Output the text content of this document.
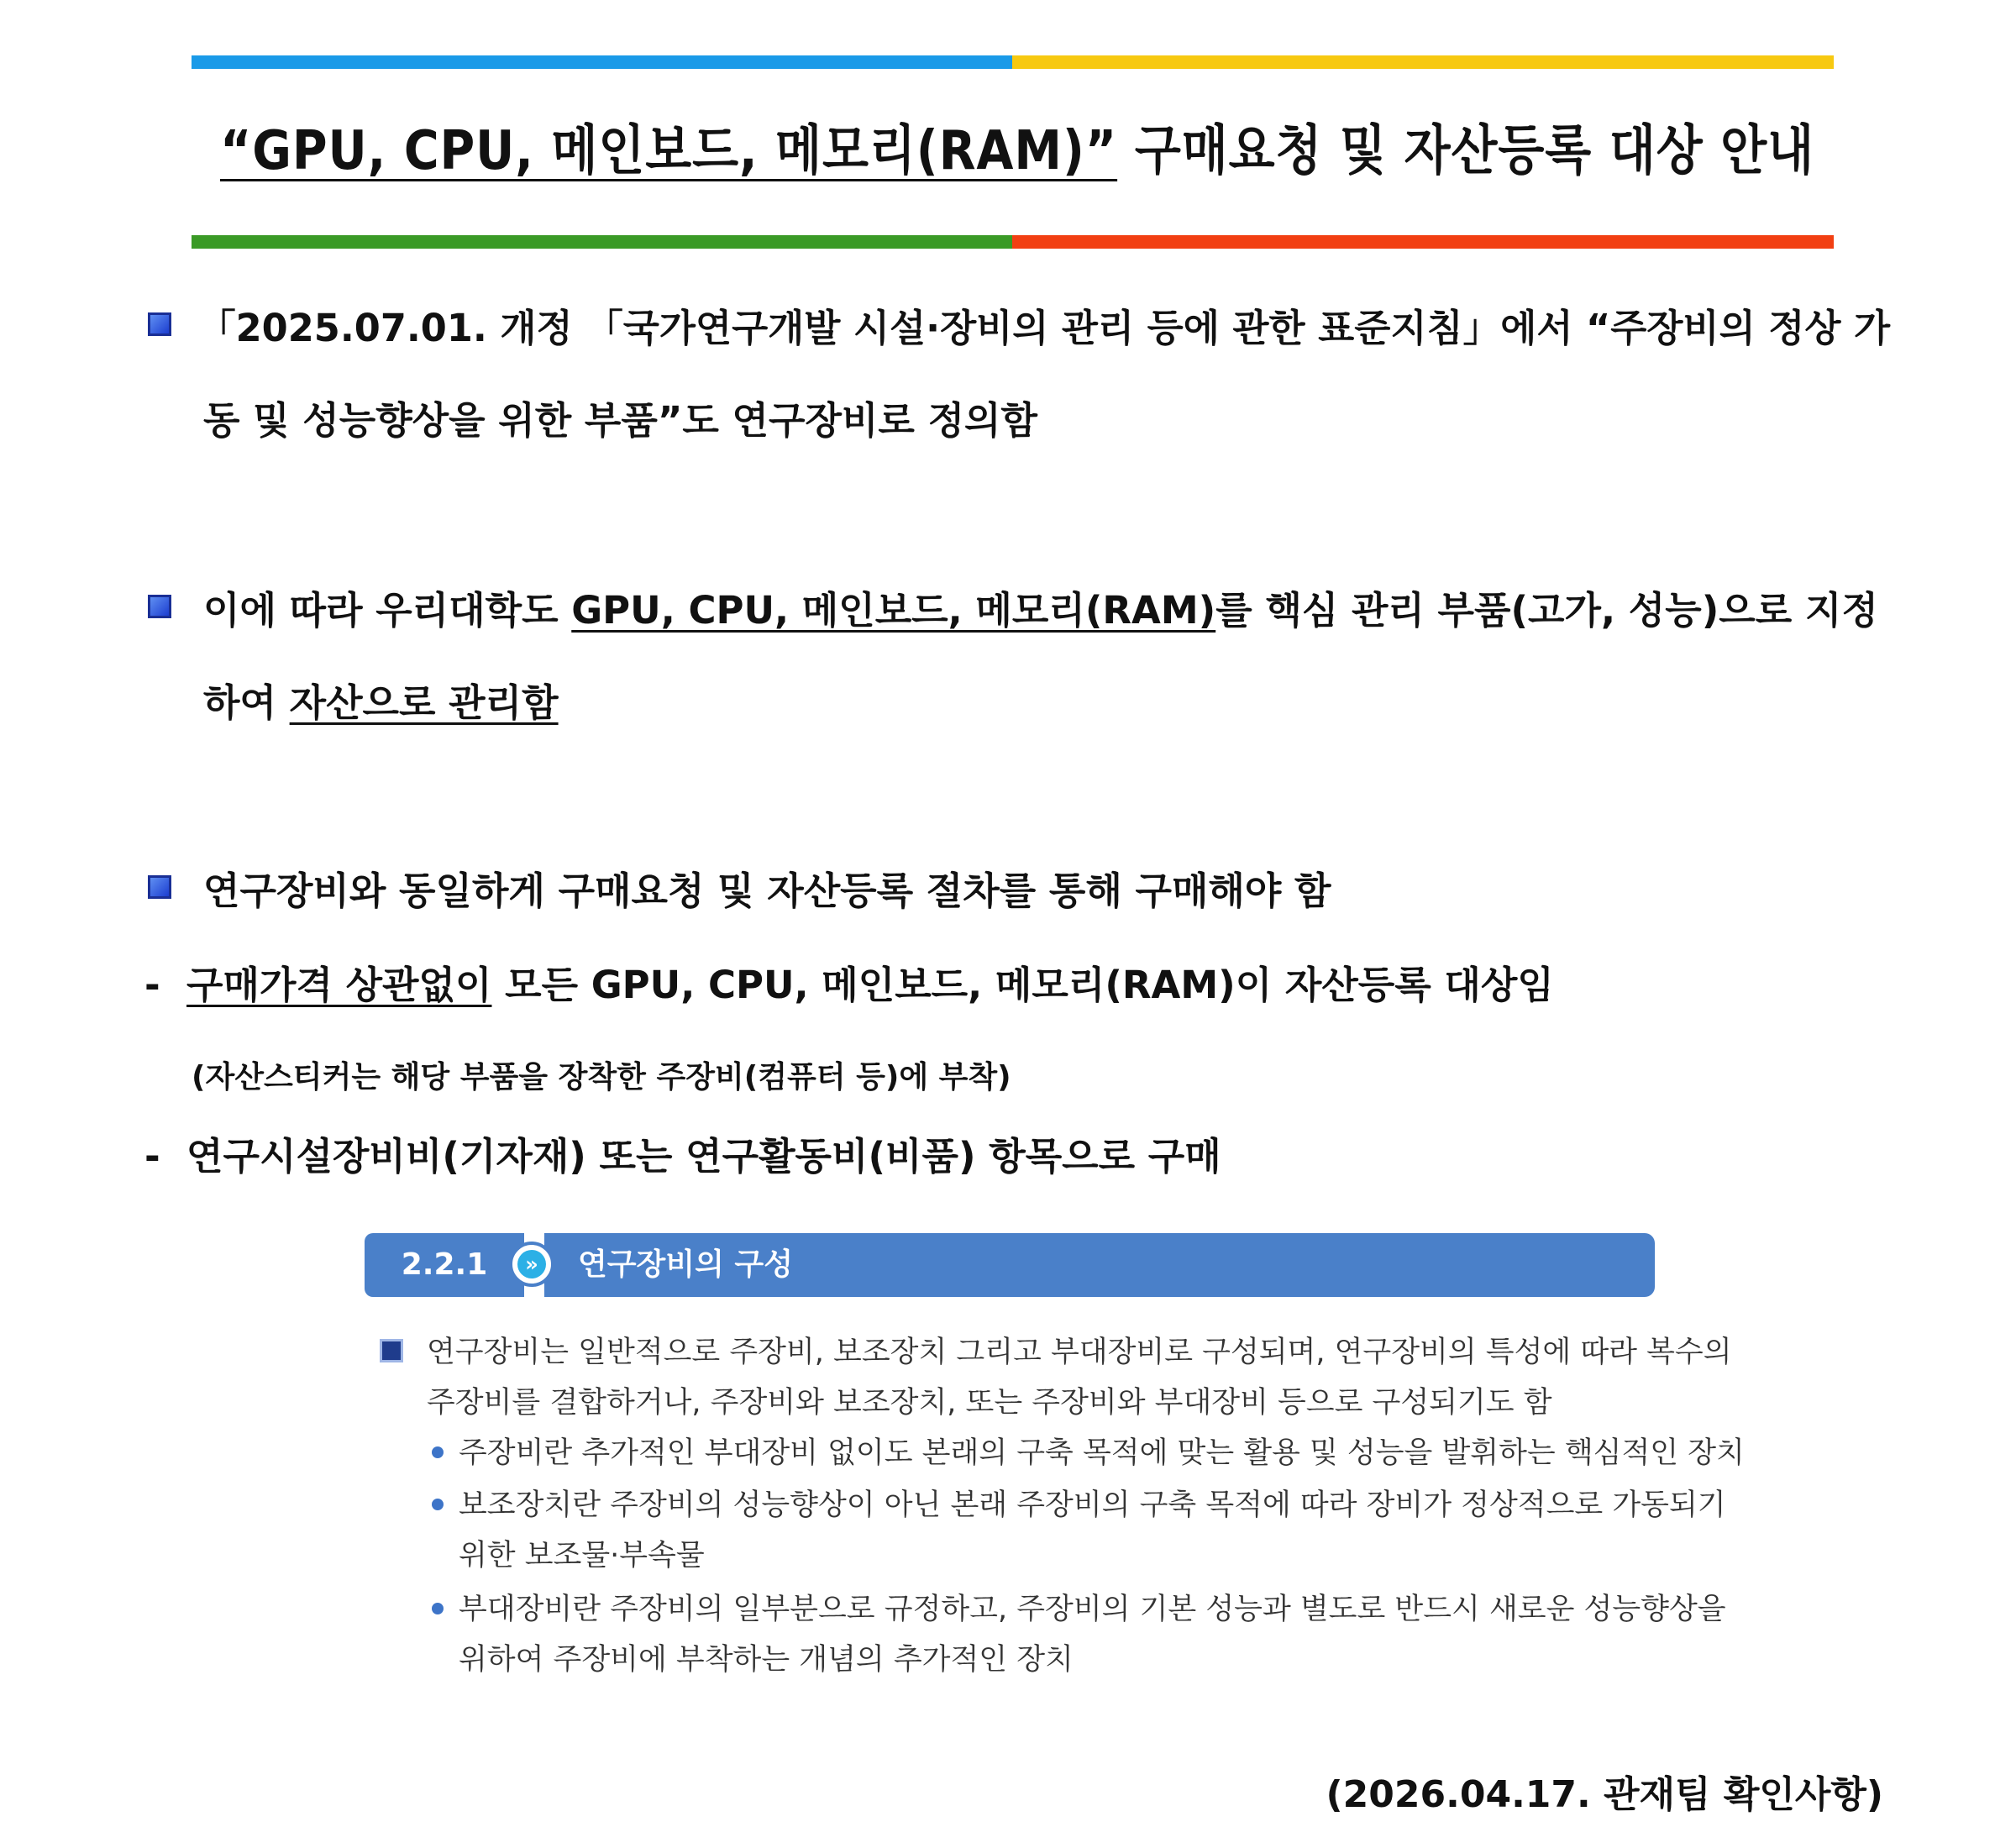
“GPU, CPU, 메인보드, 메모리(RAM)” 구매요청 및 자산등록 대상 안내
「2025.07.01. 개정 「국가연구개발 시설·장비의 관리 등에 관한 표준지침」에서 “주장비의 정상 가
동 및 성능향상을 위한 부품”도 연구장비로 정의함
이에 따라 우리대학도 GPU, CPU, 메인보드, 메모리(RAM)를 핵심 관리 부품(고가, 성능)으로 지정
하여 자산으로 관리함
연구장비와 동일하게 구매요청 및 자산등록 절차를 통해 구매해야 함
- 구매가격 상관없이 모든 GPU, CPU, 메인보드, 메모리(RAM)이 자산등록 대상임
(자산스티커는 해당 부품을 장착한 주장비(컴퓨터 등)에 부착)
- 연구시설장비비(기자재) 또는 연구활동비(비품) 항목으로 구매
2.2.1	연구장비의 구성
»
연구장비는 일반적으로 주장비, 보조장치 그리고 부대장비로 구성되며, 연구장비의 특성에 따라 복수의
주장비를 결합하거나, 주장비와 보조장치, 또는 주장비와 부대장비 등으로 구성되기도 함
주장비란 추가적인 부대장비 없이도 본래의 구축 목적에 맞는 활용 및 성능을 발휘하는 핵심적인 장치
보조장치란 주장비의 성능향상이 아닌 본래 주장비의 구축 목적에 따라 장비가 정상적으로 가동되기
위한 보조물·부속물
부대장비란 주장비의 일부분으로 규정하고, 주장비의 기본 성능과 별도로 반드시 새로운 성능향상을
위하여 주장비에 부착하는 개념의 추가적인 장치
(2026.04.17. 관재팀 확인사항)
